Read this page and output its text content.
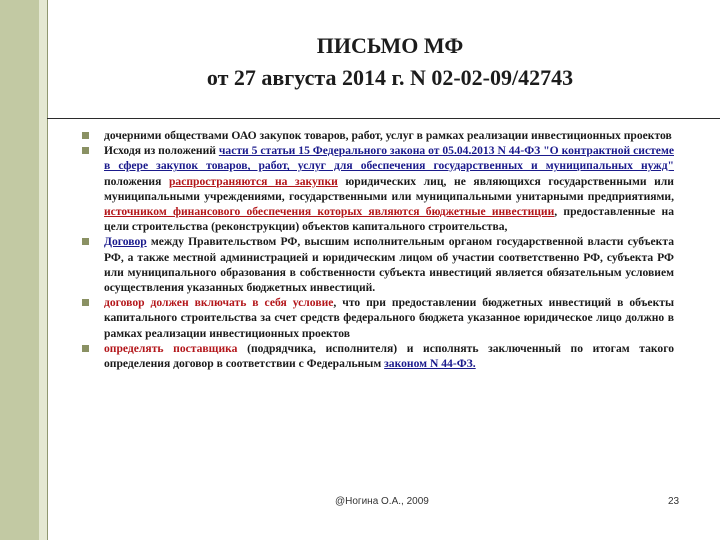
ПИСЬМО МФ
от 27 августа 2014 г. N 02-02-09/42743
дочерними обществами ОАО закупок товаров, работ, услуг в рамках реализации инвестиционных проектов
Исходя из положений части 5 статьи 15 Федерального закона от 05.04.2013 N 44-ФЗ "О контрактной системе в сфере закупок товаров, работ, услуг для обеспечения государственных и муниципальных нужд" положения распространяются на закупки юридических лиц, не являющихся государственными или муниципальными учреждениями, государственными или муниципальными унитарными предприятиями, источником финансового обеспечения которых являются бюджетные инвестиции, предоставленные на цели строительства (реконструкции) объектов капитального строительства,
Договор между Правительством РФ, высшим исполнительным органом государственной власти субъекта РФ, а также местной администрацией и юридическим лицом об участии соответственно РФ, субъекта РФ или муниципального образования в собственности субъекта инвестиций является обязательным условием осуществления указанных бюджетных инвестиций.
договор должен включать в себя условие, что при предоставлении бюджетных инвестиций в объекты капитального строительства за счет средств федерального бюджета указанное юридическое лицо должно в рамках реализации инвестиционных проектов
определять поставщика (подрядчика, исполнителя) и исполнять заключенный по итогам такого определения договор в соответствии с Федеральным законом N 44-ФЗ.
@Ногина О.А., 2009	23
